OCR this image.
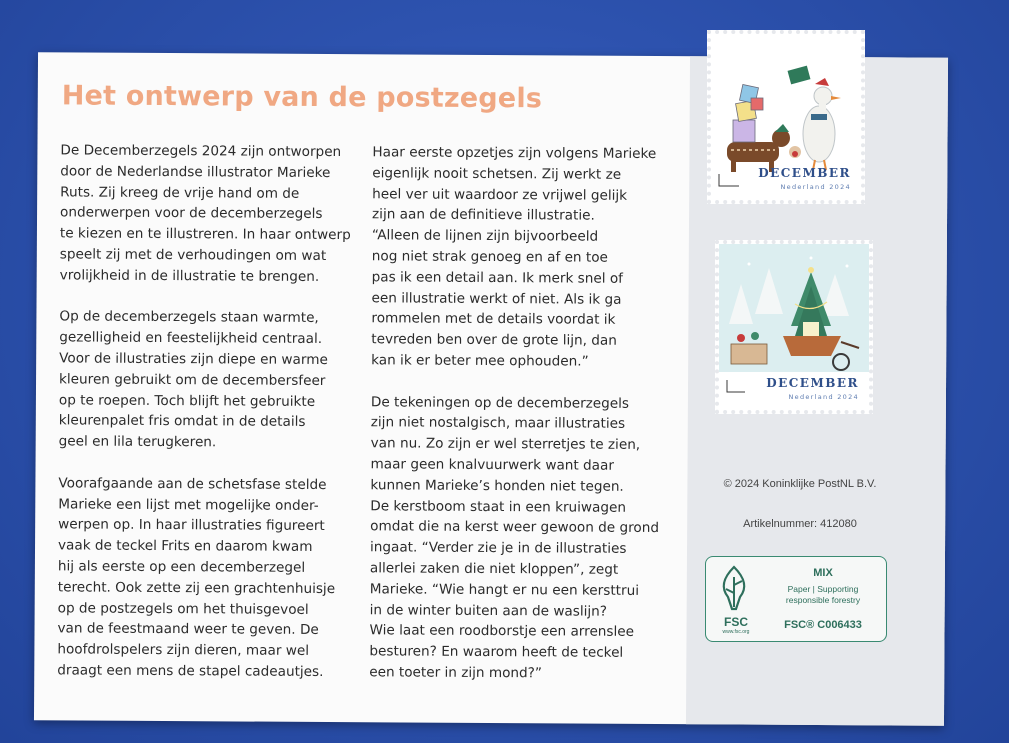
Het ontwerp van de postzegels

De Decemberzegels 2024 zijn ontworpen
door de Nederlandse illustrator Marieke
Ruts. Zij kreeg de vrije hand om de
onderwerpen voor de decemberzegels
te kiezen en te illustreren. In haar ontwerp
speelt zij met de verhoudingen om wat
vrolijkheid in de illustratie te brengen.

Op de decemberzegels staan warmte,
gezelligheid en feestelijkheid centraal.
Voor de illustraties zijn diepe en warme
kleuren gebruikt om de decembersfeer
op te roepen. Toch blijft het gebruikte
kleurenpalet fris omdat in de details
geel en lila terugkeren.

Voorafgaande aan de schetsfase stelde
Marieke een lijst met mogelijke onder-
werpen op. In haar illustraties figureert
vaak de teckel Frits en daarom kwam
hij als eerste op een decemberzegel
terecht. Ook zette zij een grachtenhuisje
op de postzegels om het thuisgevoel
van de feestmaand weer te geven. De
hoofdrolspelers zijn dieren, maar wel
draagt een mens de stapel cadeautjes.

Haar eerste opzetjes zijn volgens Marieke
eigenlijk nooit schetsen. Zij werkt ze
heel ver uit waardoor ze vrijwel gelijk
zijn aan de definitieve illustratie.
“Alleen de lijnen zijn bijvoorbeeld
nog niet strak genoeg en af en toe
pas ik een detail aan. Ik merk snel of
een illustratie werkt of niet. Als ik ga
rommelen met de details voordat ik
tevreden ben over de grote lijn, dan
kan ik er beter mee ophouden.”

De tekeningen op de decemberzegels
zijn niet nostalgisch, maar illustraties
van nu. Zo zijn er wel sterretjes te zien,
maar geen knalvuurwerk want daar
kunnen Marieke’s honden niet tegen.
De kerstboom staat in een kruiwagen
omdat die na kerst weer gewoon de grond
ingaat. “Verder zie je in de illustraties
allerlei zaken die niet kloppen”, zegt
Marieke. “Wie hangt er nu een kersttrui
in de winter buiten aan de waslijn?
Wie laat een roodborstje een arrenslee
besturen? En waarom heeft de teckel
een toeter in zijn mond?”

DECEMBER
Nederland 2024
DECEMBER
Nederland 2024
© 2024 Koninklijke PostNL B.V.
Artikelnummer: 412080
FSC
www.fsc.org
MIX
Paper | Supporting
responsible forestry
FSC® C006433
